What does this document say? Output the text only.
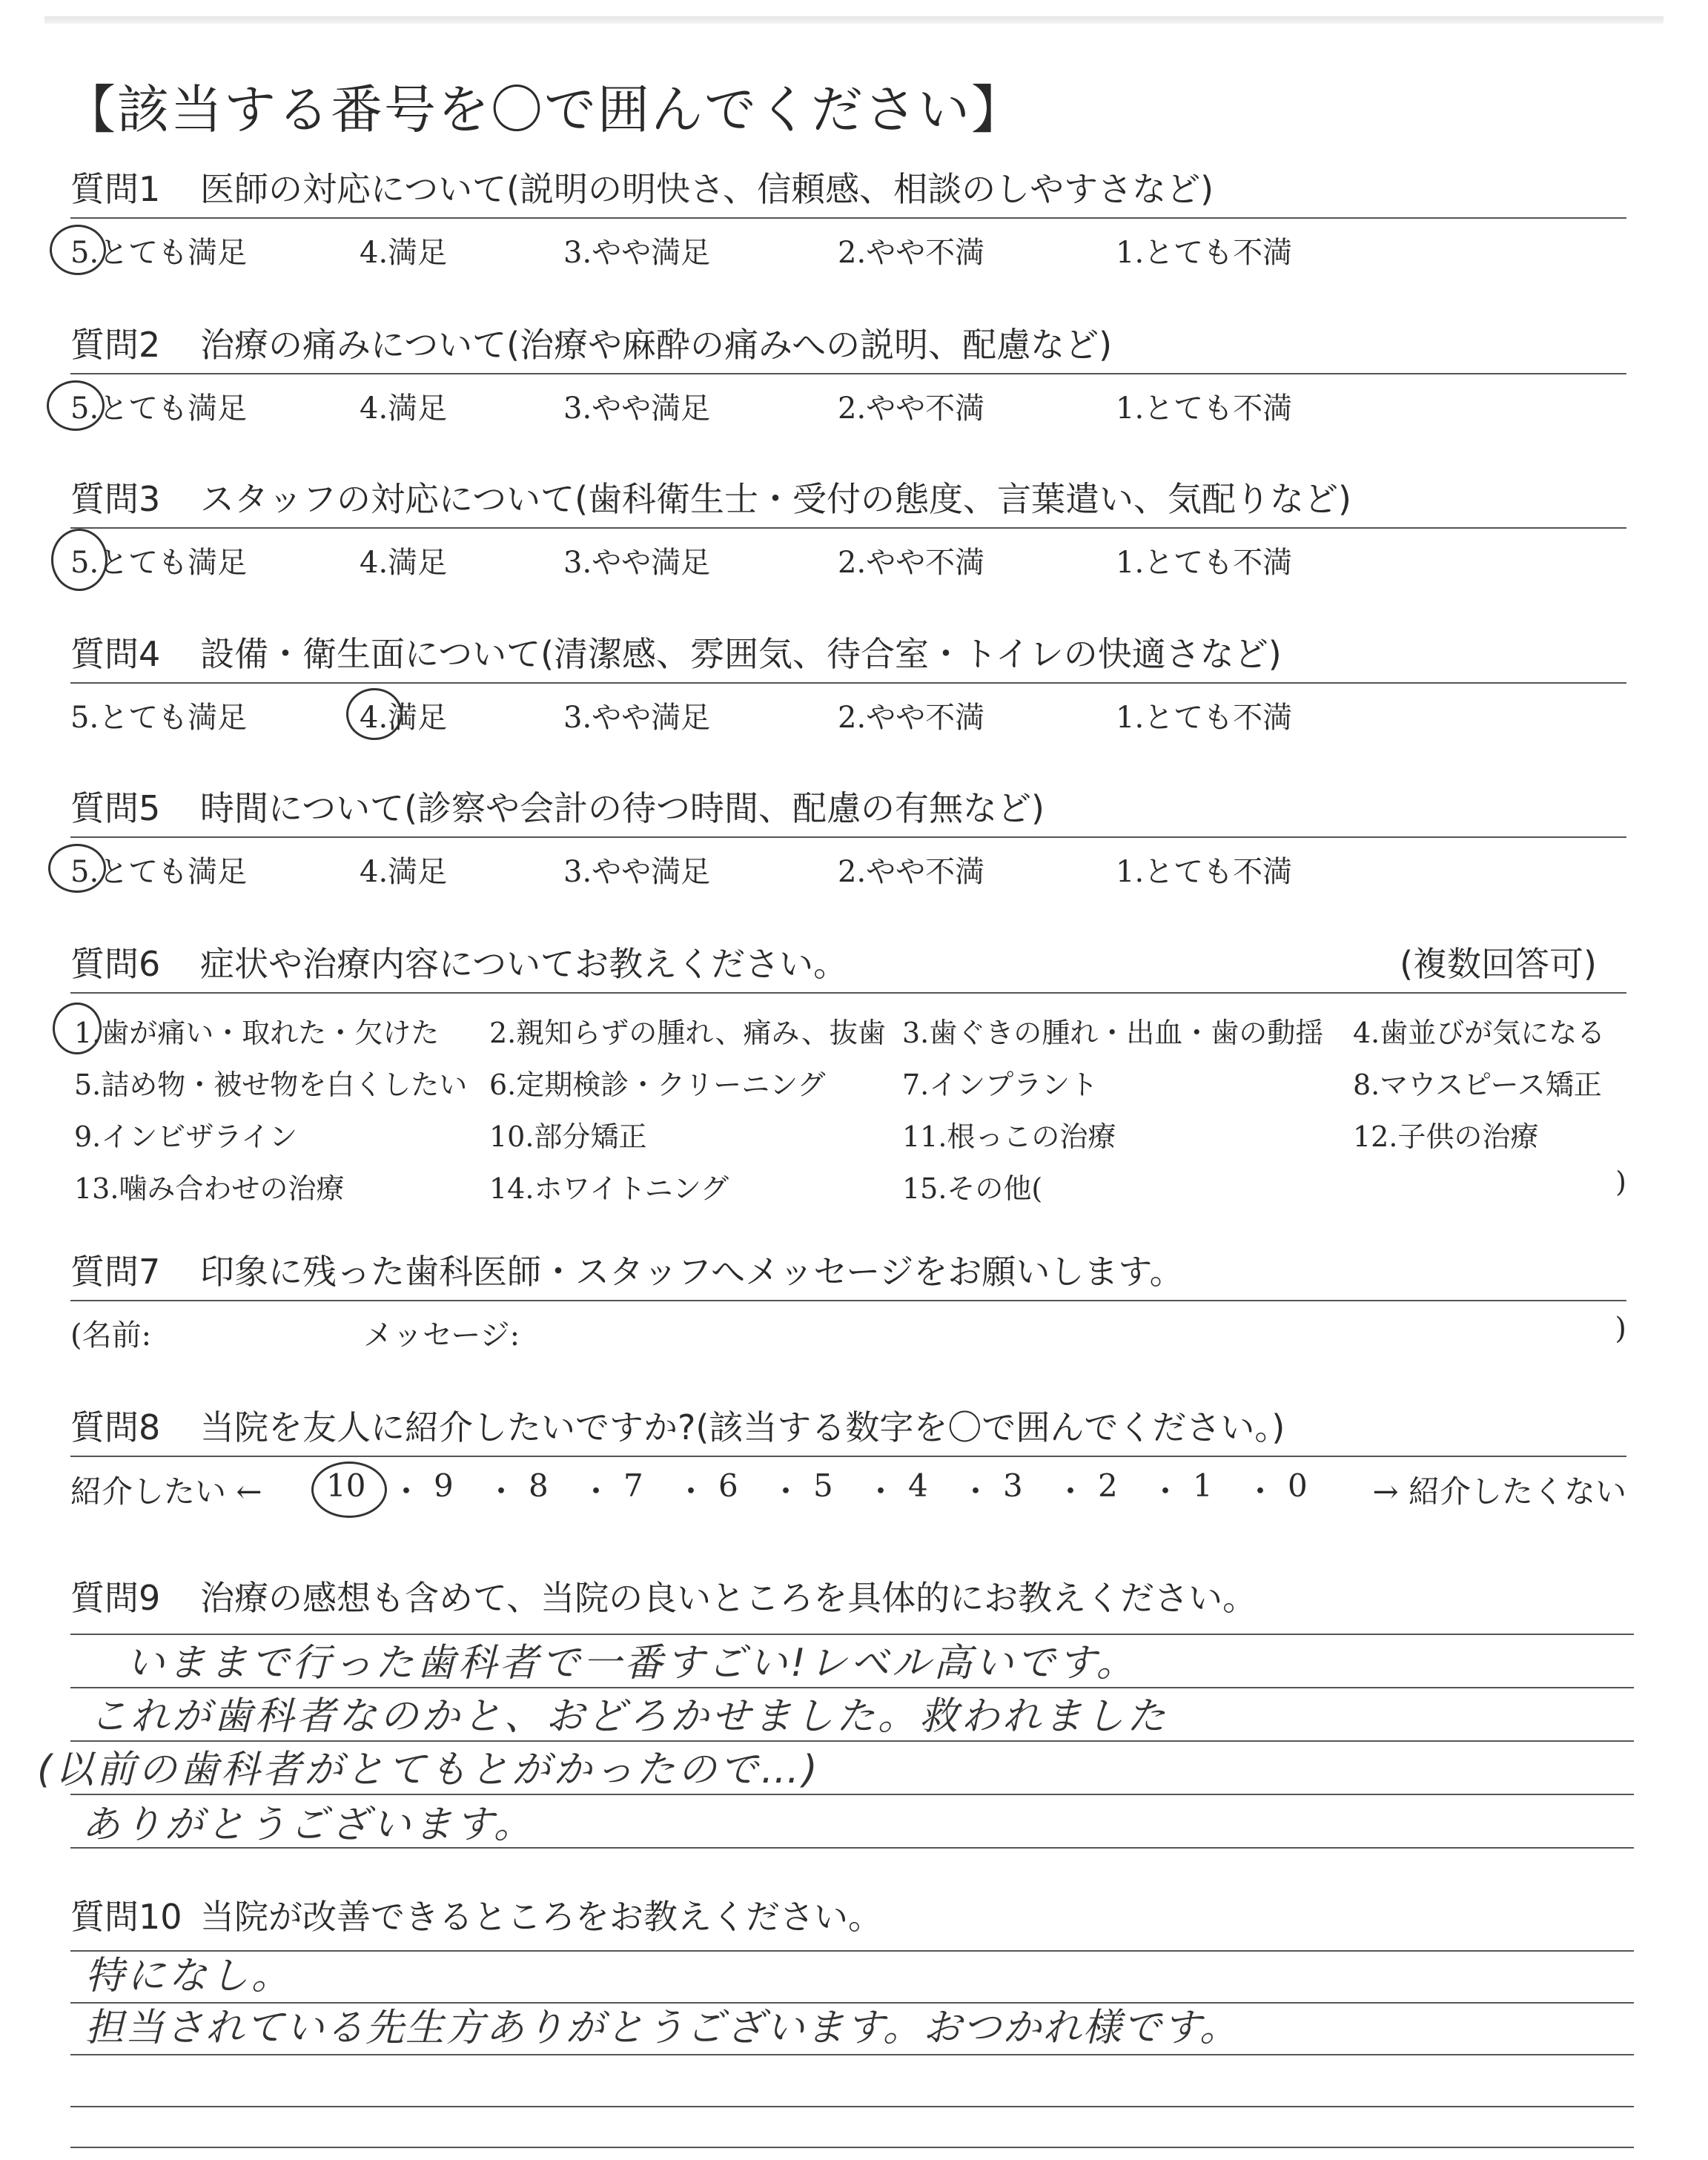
【該当する番号を〇で囲んでください】
質問1 医師の対応について(説明の明快さ、信頼感、相談のしやすさなど)
5.とても満足	4.満足	3.やや満足	2.やや不満	1.とても不満
質問2 治療の痛みについて(治療や麻酔の痛みへの説明、配慮など)
5.とても満足	4.満足	3.やや満足	2.やや不満	1.とても不満
質問3 スタッフの対応について(歯科衛生士・受付の態度、言葉遣い、気配りなど)
5.とても満足	4.満足	3.やや満足	2.やや不満	1.とても不満
質問4 設備・衛生面について(清潔感、雰囲気、待合室・トイレの快適さなど)
5.とても満足	4.満足	3.やや満足	2.やや不満	1.とても不満
質問5 時間について(診察や会計の待つ時間、配慮の有無など)
5.とても満足	4.満足	3.やや満足	2.やや不満	1.とても不満
質問6 症状や治療内容についてお教えください。	(複数回答可)
1.歯が痛い・取れた・欠けた 2.親知らずの腫れ、痛み、抜歯 3.歯ぐきの腫れ・出血・歯の動揺 4.歯並びが気になる
5.詰め物・被せ物を白くしたい 6.定期検診・クリーニング	7.インプラント	8.マウスピース矯正
9.インビザライン	10.部分矯正	11.根っこの治療	12.子供の治療
13.噛み合わせの治療	14.ホワイトニング	15.その他(	)
質問7 印象に残った歯科医師・スタッフへメッセージをお願いします。
(名前:	メッセージ:	)
質問8 当院を友人に紹介したいですか?(該当する数字を〇で囲んでください。)
紹介したい ← 10 ・ 9 ・ 8 ・ 7 ・ 6 ・ 5 ・ 4 ・ 3 ・ 2 ・ 1 ・ 0 → 紹介したくない
質問9 治療の感想も含めて、当院の良いところを具体的にお教えください。
いままで行った歯科者で一番すごい!レベル高いです。
これが歯科者なのかと、おどろかせました。救われました
(以前の歯科者がとてもとがかったので…)
ありがとうございます。
質問10 当院が改善できるところをお教えください。
特になし。
担当されている先生方ありがとうございます。おつかれ様です。
